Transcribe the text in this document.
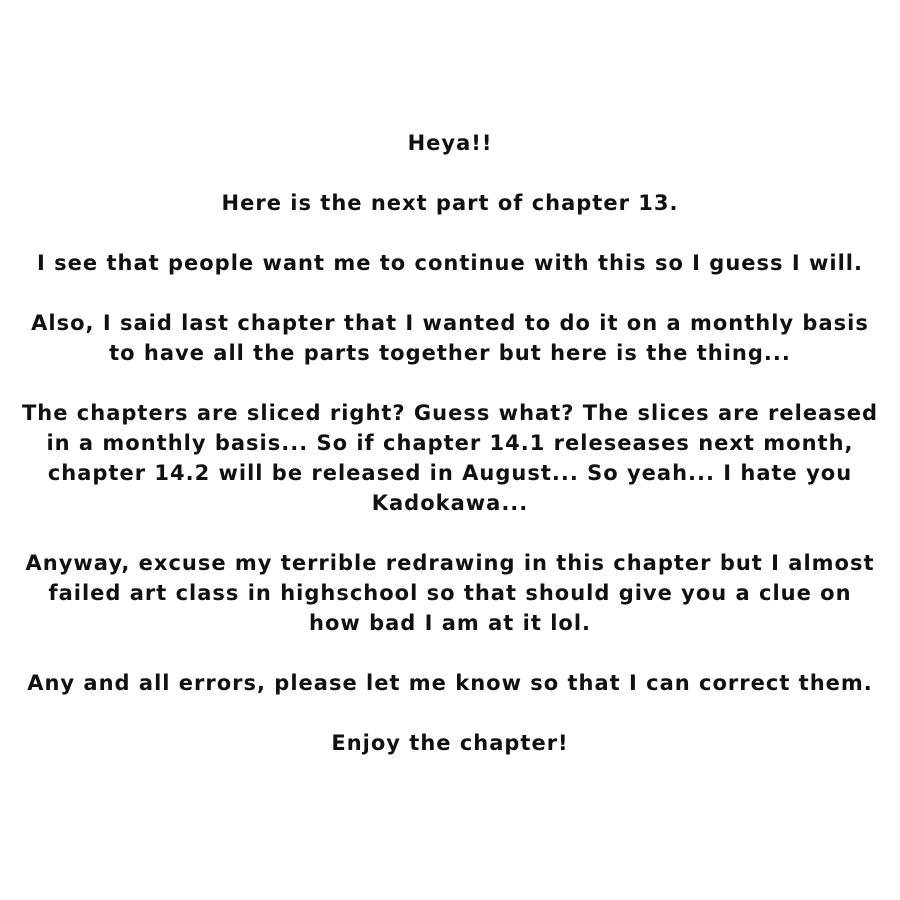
Heya!!

Here is the next part of chapter 13.

I see that people want me to continue with this so I guess I will.

Also, I said last chapter that I wanted to do it on a monthly basis to have all the parts together but here is the thing...

The chapters are sliced right? Guess what? The slices are released in a monthly basis... So if chapter 14.1 releseases next month, chapter 14.2 will be released in August... So yeah... I hate you Kadokawa...

Anyway, excuse my terrible redrawing in this chapter but I almost failed art class in highschool so that should give you a clue on how bad I am at it lol.

Any and all errors, please let me know so that I can correct them.

Enjoy the chapter!
